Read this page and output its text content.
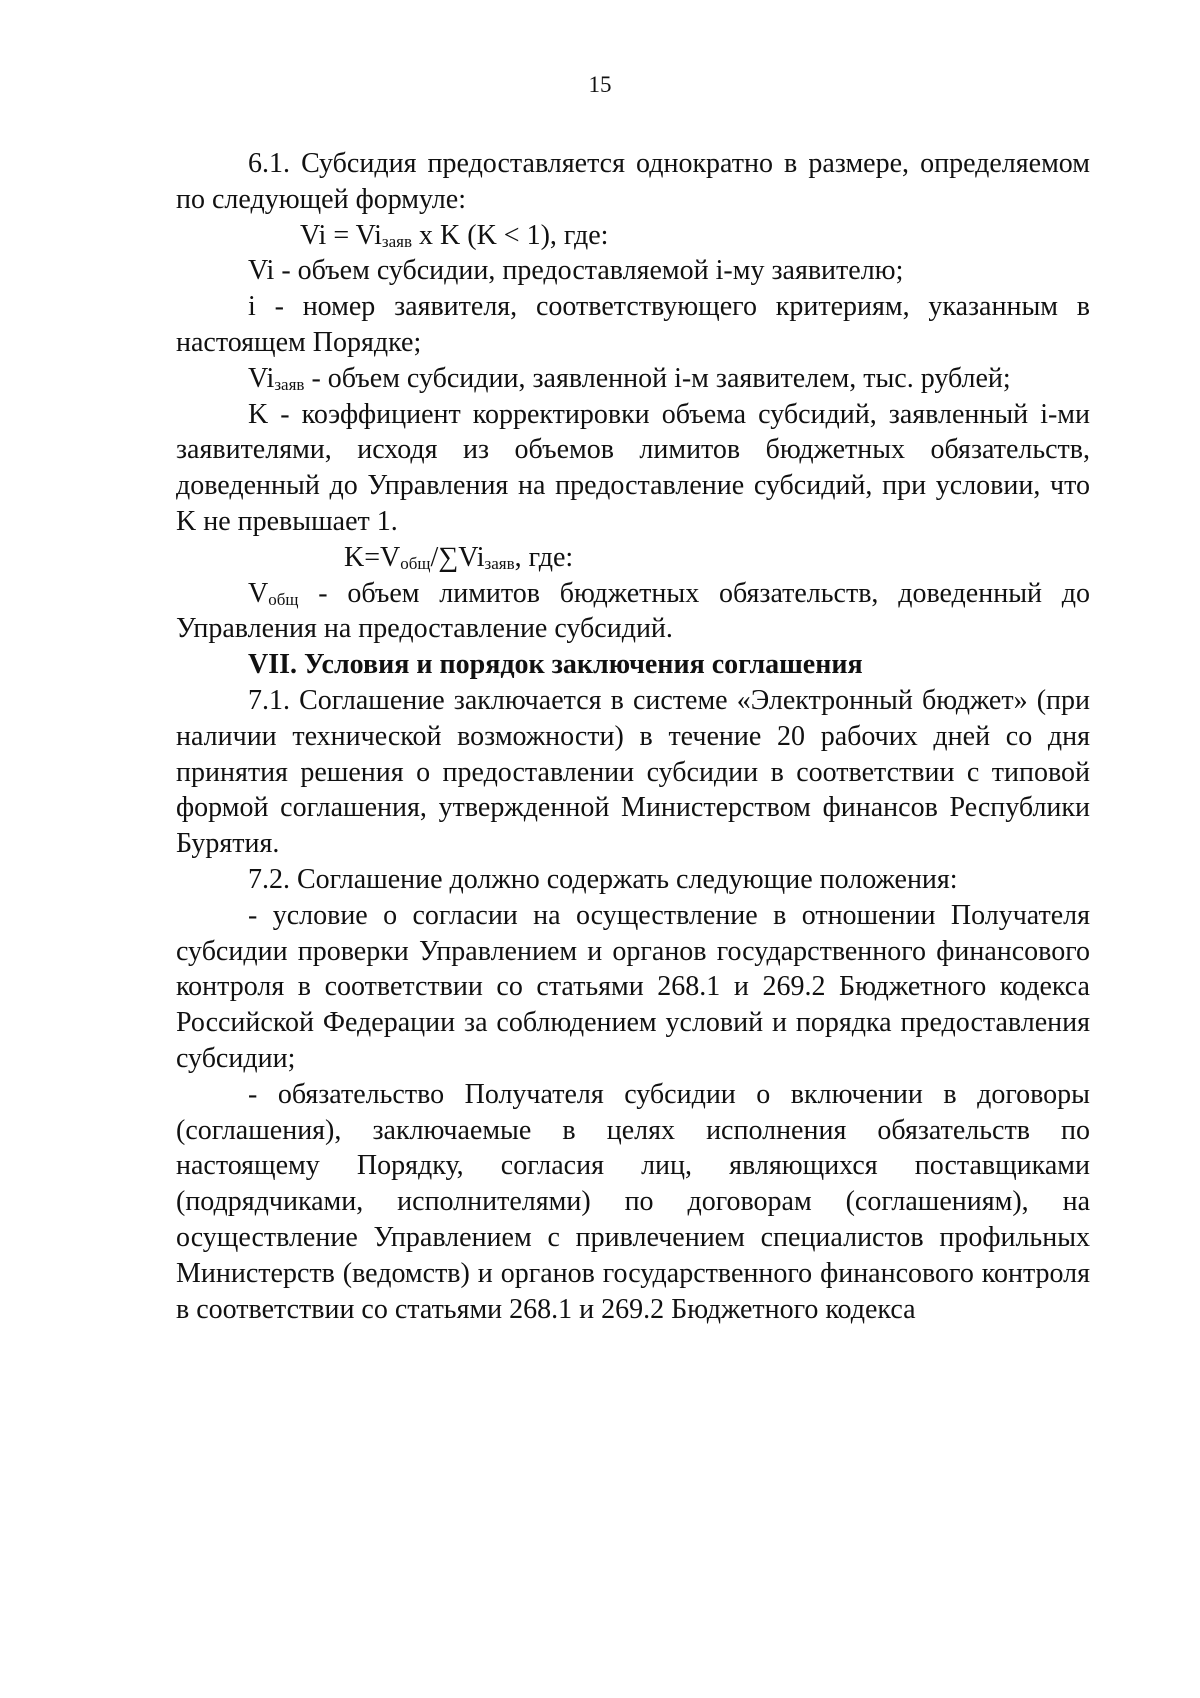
15

6.1. Субсидия предоставляется однократно в размере, определяемом по следующей формуле:

$Vi = Vi_{заяв}$ x K (K < 1), где:

Vi - объем субсидии, предоставляемой i-му заявителю;

i - номер заявителя, соответствующего критериям, указанным в настоящем Порядке;

$Vi_{заяв}$ - объем субсидии, заявленной i-м заявителем, тыс. рублей;

K - коэффициент корректировки объема субсидий, заявленный i-ми заявителями, исходя из объемов лимитов бюджетных обязательств, доведенный до Управления на предоставление субсидий, при условии, что K не превышает 1.

$K=V_{общ}/\sum Vi_{заяв}$, где:

$V_{общ}$ - объем лимитов бюджетных обязательств, доведенный до Управления на предоставление субсидий.

VII. Условия и порядок заключения соглашения

7.1. Соглашение заключается в системе «Электронный бюджет» (при наличии технической возможности) в течение 20 рабочих дней со дня принятия решения о предоставлении субсидии в соответствии с типовой формой соглашения, утвержденной Министерством финансов Республики Бурятия.

7.2. Соглашение должно содержать следующие положения:

- условие о согласии на осуществление в отношении Получателя субсидии проверки Управлением и органов государственного финансового контроля в соответствии со статьями 268.1 и 269.2 Бюджетного кодекса Российской Федерации за соблюдением условий и порядка предоставления субсидии;

- обязательство Получателя субсидии о включении в договоры (соглашения), заключаемые в целях исполнения обязательств по настоящему Порядку, согласия лиц, являющихся поставщиками (подрядчиками, исполнителями) по договорам (соглашениям), на осуществление Управлением с привлечением специалистов профильных Министерств (ведомств) и органов государственного финансового контроля в соответствии со статьями 268.1 и 269.2 Бюджетного кодекса
